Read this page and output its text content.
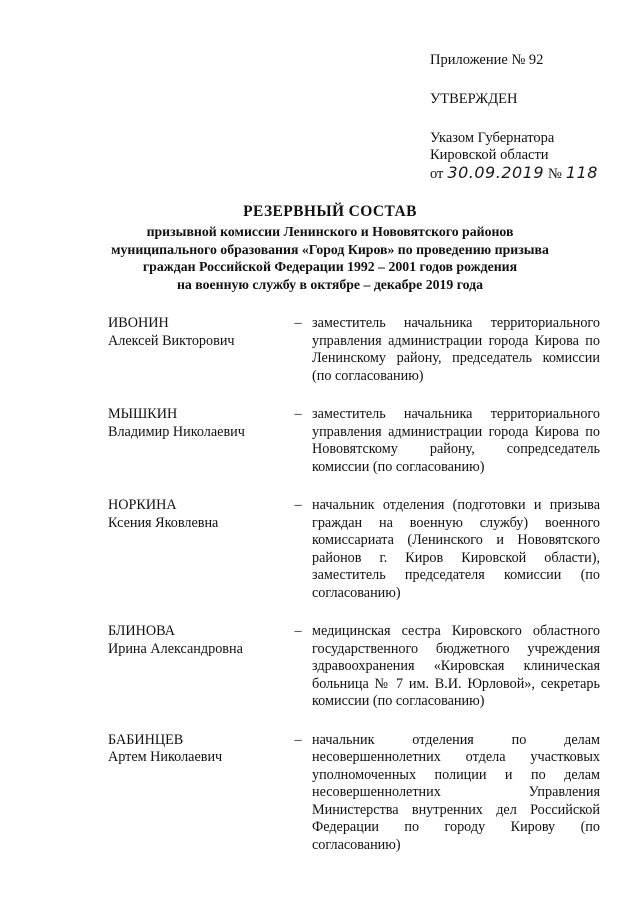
Приложение № 92
УТВЕРЖДЕН
Указом Губернатора
Кировской области
от 30.09.2019 № 118
РЕЗЕРВНЫЙ СОСТАВ
призывной комиссии Ленинского и Нововятского районов
муниципального образования «Город Киров» по проведению призыва
граждан Российской Федерации 1992 – 2001 годов рождения
на военную службу в октябре – декабре 2019 года
ИВОНИН
Алексей Викторович
– заместитель начальника территориального управления администрации города Кирова по Ленинскому району, председатель комиссии (по согласованию)
МЫШКИН
Владимир Николаевич
– заместитель начальника территориального управления администрации города Кирова по Нововятскому району, сопредседатель комиссии (по согласованию)
НОРКИНА
Ксения Яковлевна
– начальник отделения (подготовки и призыва граждан на военную службу) военного комиссариата (Ленинского и Нововятского районов г. Киров Кировской области), заместитель председателя комиссии (по согласованию)
БЛИНОВА
Ирина Александровна
– медицинская сестра Кировского областного государственного бюджетного учреждения здравоохранения «Кировская клиническая больница № 7 им. В.И. Юрловой», секретарь комиссии (по согласованию)
БАБИНЦЕВ
Артем Николаевич
– начальник отделения по делам несовершеннолетних отдела участковых уполномоченных полиции и по делам несовершеннолетних Управления Министерства внутренних дел Российской Федерации по городу Кирову (по согласованию)
